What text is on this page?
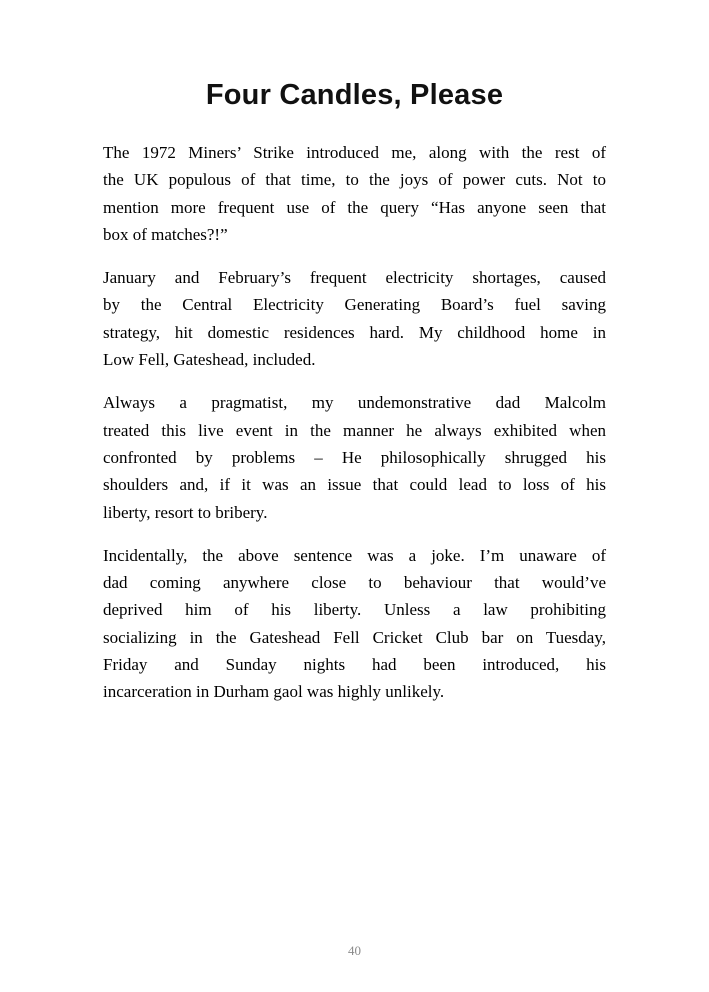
Four Candles, Please
The 1972 Miners’ Strike introduced me, along with the rest of
the UK populous of that time, to the joys of power cuts. Not to
mention more frequent use of the query “Has anyone seen that
box of matches?!”
January and February’s frequent electricity shortages, caused
by the Central Electricity Generating Board’s fuel saving
strategy, hit domestic residences hard. My childhood home in
Low Fell, Gateshead, included.
Always a pragmatist, my undemonstrative dad Malcolm
treated this live event in the manner he always exhibited when
confronted by problems – He philosophically shrugged his
shoulders and, if it was an issue that could lead to loss of his
liberty, resort to bribery.
Incidentally, the above sentence was a joke. I’m unaware of
dad coming anywhere close to behaviour that would’ve
deprived him of his liberty. Unless a law prohibiting
socializing in the Gateshead Fell Cricket Club bar on Tuesday,
Friday and Sunday nights had been introduced, his
incarceration in Durham gaol was highly unlikely.
40
